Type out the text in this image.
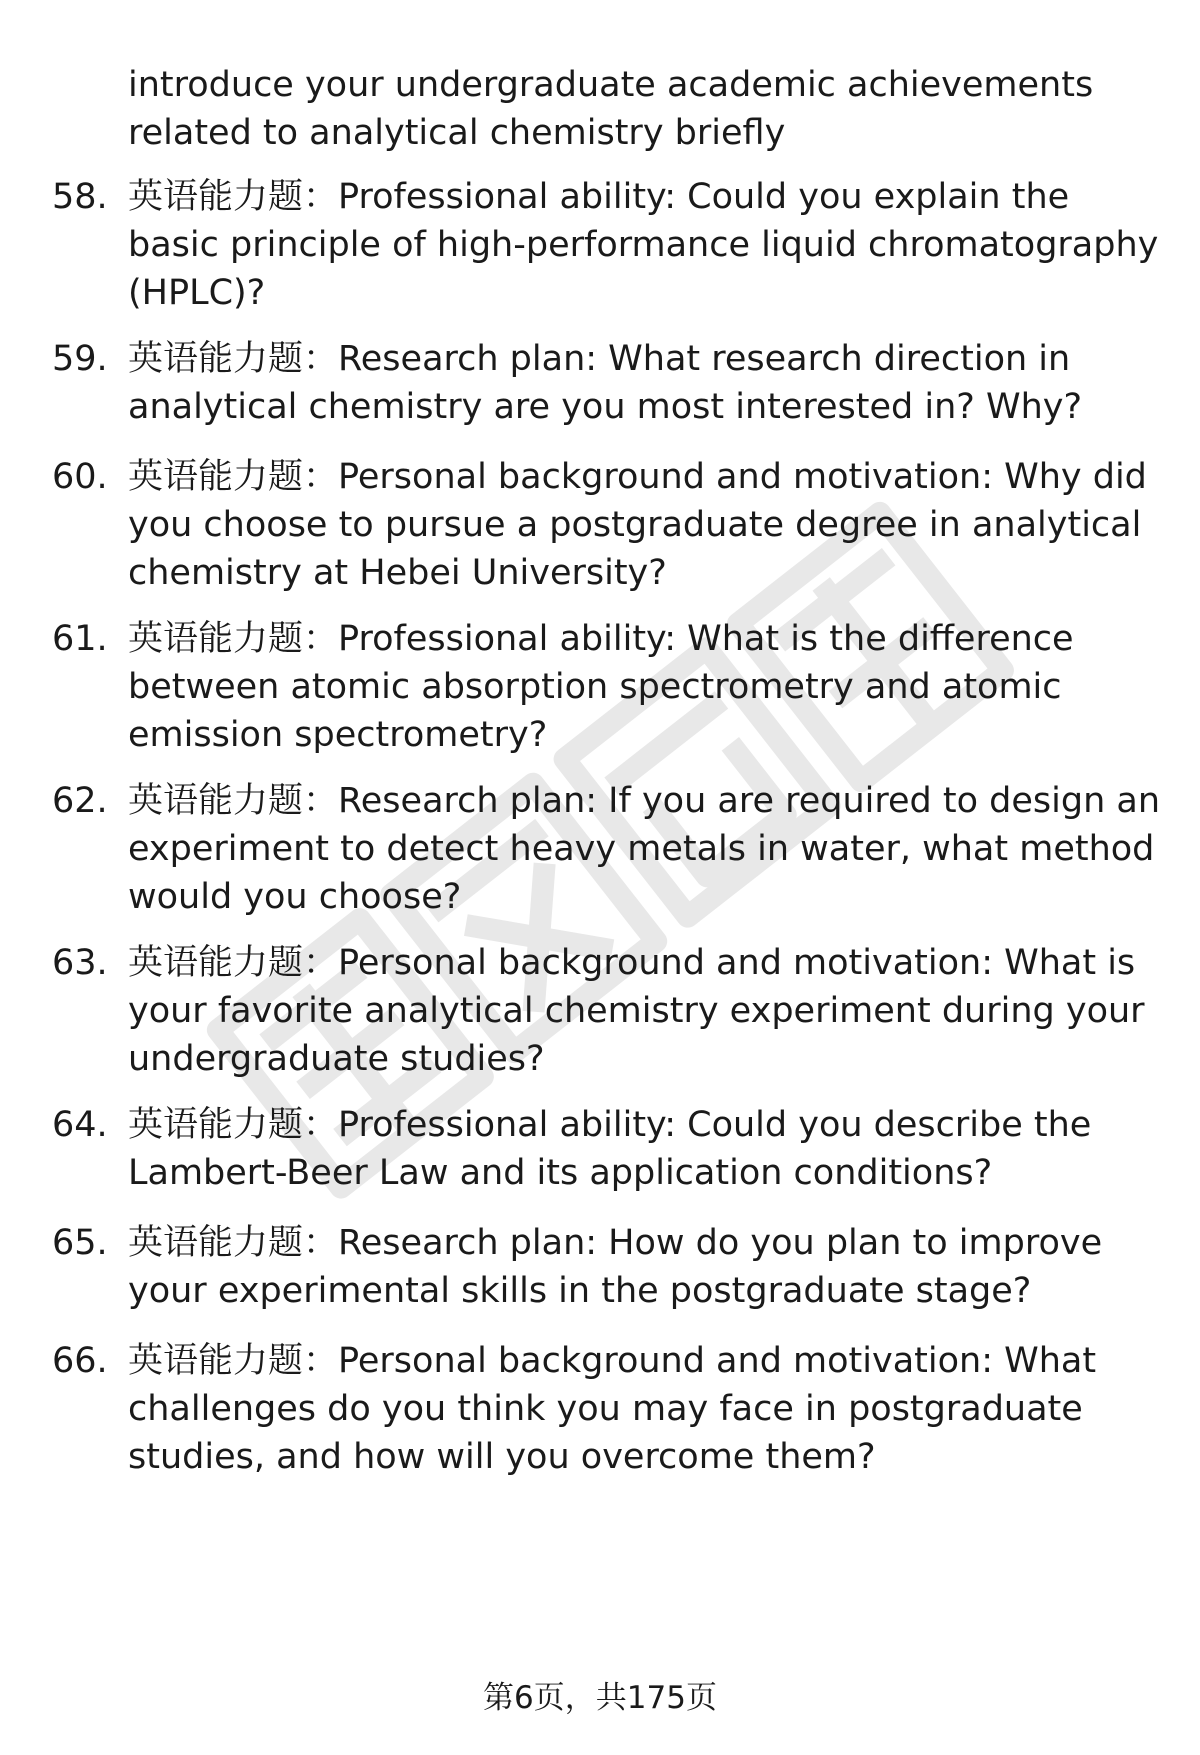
introduce your undergraduate academic achievements related to analytical chemistry briefly

58. 英语能力题：Professional ability: Could you explain the basic principle of high-performance liquid chromatography (HPLC)?
59. 英语能力题：Research plan: What research direction in analytical chemistry are you most interested in? Why?
60. 英语能力题：Personal background and motivation: Why did you choose to pursue a postgraduate degree in analytical chemistry at Hebei University?
61. 英语能力题：Professional ability: What is the difference between atomic absorption spectrometry and atomic emission spectrometry?
62. 英语能力题：Research plan: If you are required to design an experiment to detect heavy metals in water, what method would you choose?
63. 英语能力题：Personal background and motivation: What is your favorite analytical chemistry experiment during your undergraduate studies?
64. 英语能力题：Professional ability: Could you describe the Lambert-Beer Law and its application conditions?
65. 英语能力题：Research plan: How do you plan to improve your experimental skills in the postgraduate stage?
66. 英语能力题：Personal background and motivation: What challenges do you think you may face in postgraduate studies, and how will you overcome them?
第6页，共175页
